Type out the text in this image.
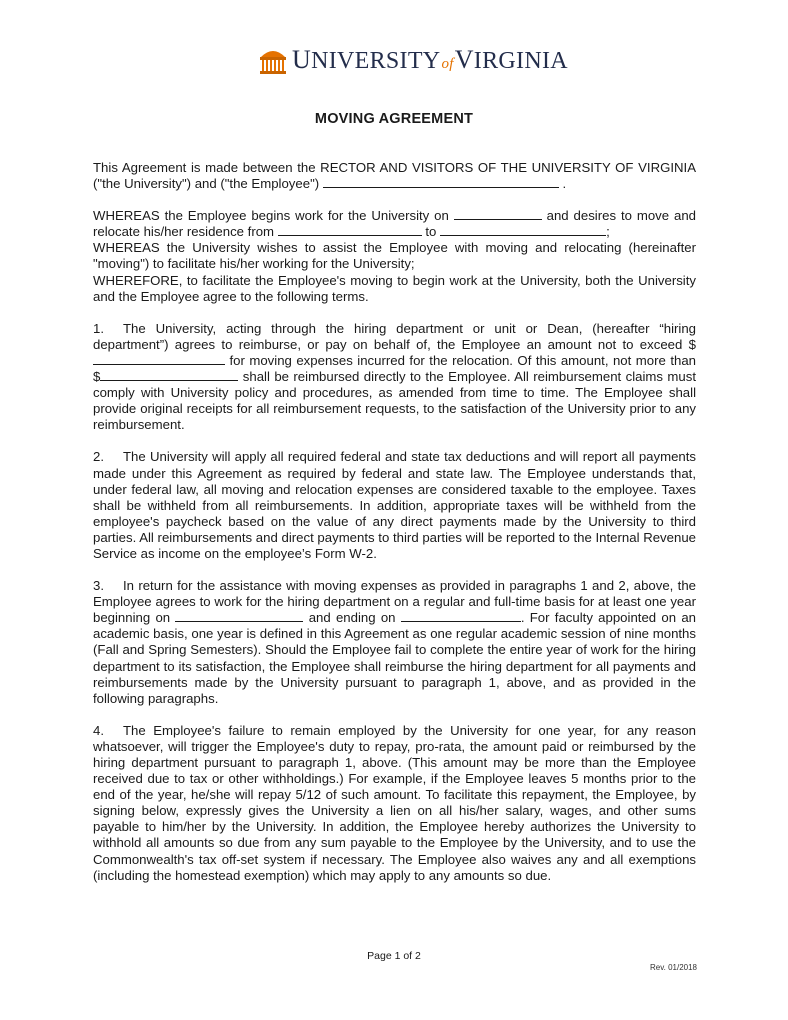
UNIVERSITYofVIRGINIA
MOVING AGREEMENT
This Agreement is made between the RECTOR AND VISITORS OF THE UNIVERSITY OF VIRGINIA ("the University") and ("the Employee")	.
WHEREAS the Employee begins work for the University on	and desires to move and relocate his/her residence from	to	;
WHEREAS the University wishes to assist the Employee with moving and relocating (hereinafter "moving") to facilitate his/her working for the University;
WHEREFORE, to facilitate the Employee's moving to begin work at the University, both the University and the Employee agree to the following terms.
1. The University, acting through the hiring department or unit or Dean, (hereafter “hiring department”) agrees to reimburse, or pay on behalf of, the Employee an amount not to exceed $ for moving expenses incurred for the relocation. Of this amount, not more than $	shall be reimbursed directly to the Employee. All reimbursement claims must comply with University policy and procedures, as amended from time to time. The Employee shall provide original receipts for all reimbursement requests, to the satisfaction of the University prior to any reimbursement.
2. The University will apply all required federal and state tax deductions and will report all payments made under this Agreement as required by federal and state law. The Employee understands that, under federal law, all moving and relocation expenses are considered taxable to the employee. Taxes shall be withheld from all reimbursements. In addition, appropriate taxes will be withheld from the employee's paycheck based on the value of any direct payments made by the University to third parties. All reimbursements and direct payments to third parties will be reported to the Internal Revenue Service as income on the employee’s Form W-2.
3. In return for the assistance with moving expenses as provided in paragraphs 1 and 2, above, the Employee agrees to work for the hiring department on a regular and full-time basis for at least one year beginning on	and ending on	. For faculty appointed on an academic basis, one year is defined in this Agreement as one regular academic session of nine months (Fall and Spring Semesters). Should the Employee fail to complete the entire year of work for the hiring department to its satisfaction, the Employee shall reimburse the hiring department for all payments and reimbursements made by the University pursuant to paragraph 1, above, and as provided in the following paragraphs.
4. The Employee's failure to remain employed by the University for one year, for any reason whatsoever, will trigger the Employee's duty to repay, pro-rata, the amount paid or reimbursed by the hiring department pursuant to paragraph 1, above. (This amount may be more than the Employee received due to tax or other withholdings.) For example, if the Employee leaves 5 months prior to the end of the year, he/she will repay 5/12 of such amount. To facilitate this repayment, the Employee, by signing below, expressly gives the University a lien on all his/her salary, wages, and other sums payable to him/her by the University. In addition, the Employee hereby authorizes the University to withhold all amounts so due from any sum payable to the Employee by the University, and to use the Commonwealth's tax off-set system if necessary. The Employee also waives any and all exemptions (including the homestead exemption) which may apply to any amounts so due.
Page 1 of 2
Rev. 01/2018
